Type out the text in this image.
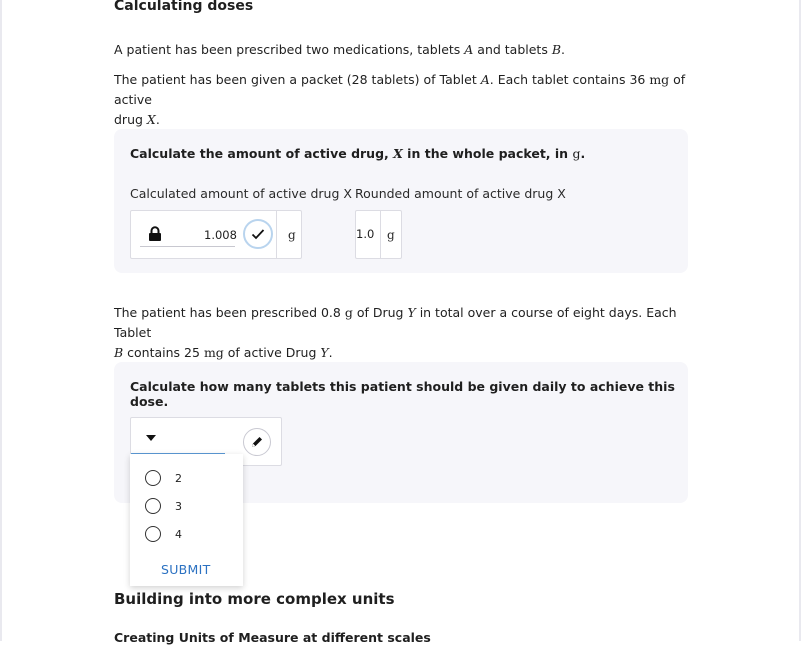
Calculating doses

A patient has been prescribed two medications, tablets A and tablets B.

The patient has been given a packet (28 tablets) of Tablet A. Each tablet contains 36 mg of active
drug X.

Calculate the amount of active drug, X in the whole packet, in g.
Calculated amount of active drug X Rounded amount of active drug X
1.008	g	1.0 g

The patient has been prescribed 0.8 g of Drug Y in total over a course of eight days. Each Tablet
B contains 25 mg of active Drug Y.

Calculate how many tablets this patient should be given daily to achieve this dose.
2
3
4
SUBMIT
Building into more complex units
Creating Units of Measure at different scales
